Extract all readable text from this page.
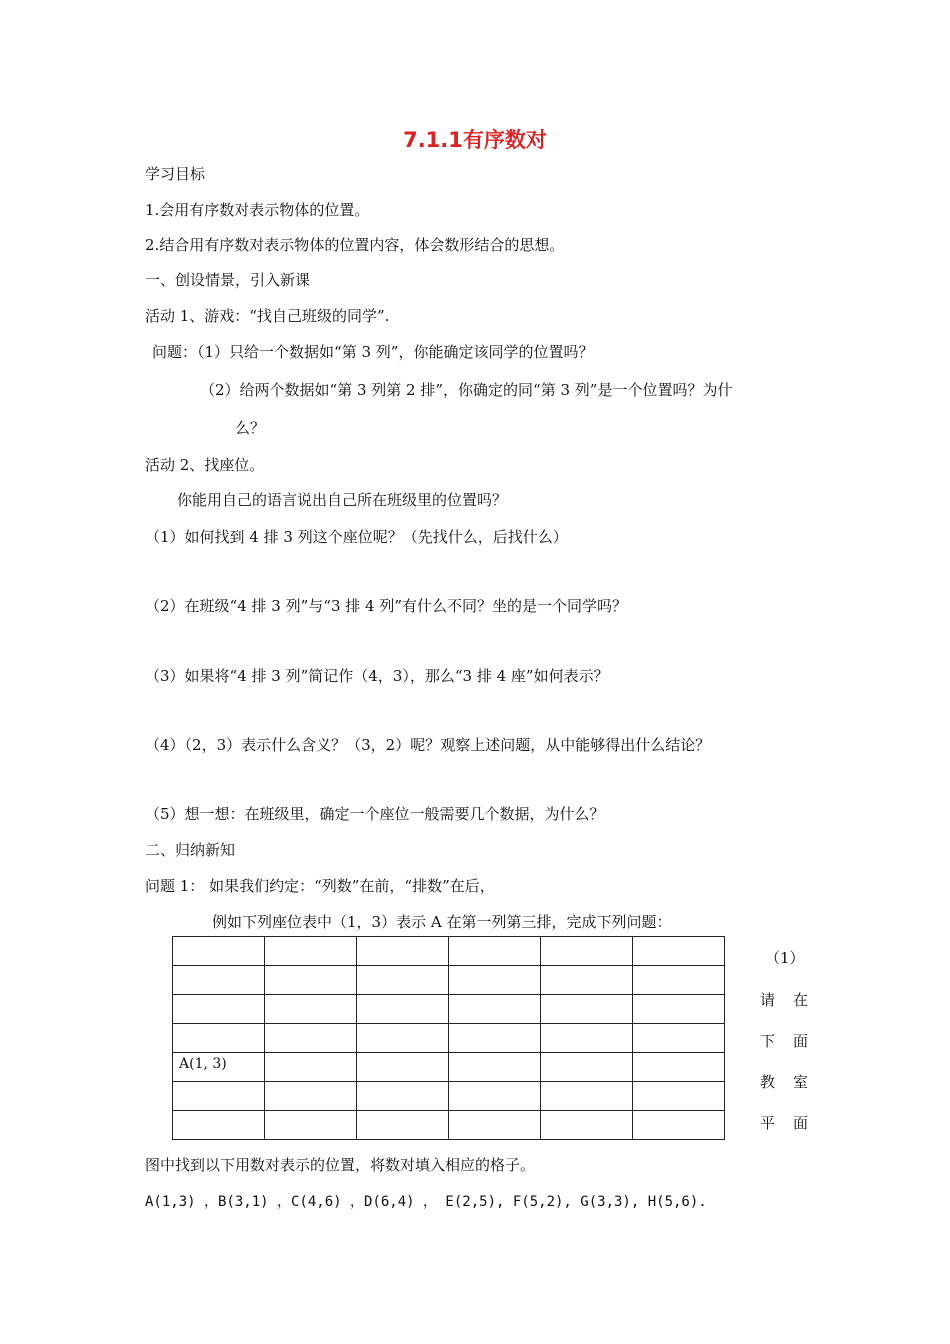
7.1.1有序数对
学习目标
1.会用有序数对表示物体的位置。
2.结合用有序数对表示物体的位置内容，体会数形结合的思想。
一、创设情景，引入新课
活动 1、游戏：“找自己班级的同学”.
问题：（1）只给一个数据如“第 3 列”，你能确定该同学的位置吗？
（2）给两个数据如“第 3 列第 2 排”，你确定的同“第 3 列”是一个位置吗？为什
么？
活动 2、找座位。
你能用自己的语言说出自己所在班级里的位置吗？
（1）如何找到 4 排 3 列这个座位呢？（先找什么，后找什么）
（2）在班级“4 排 3 列”与“3 排 4 列”有什么不同？坐的是一个同学吗？
（3）如果将“4 排 3 列”简记作（4，3），那么“3 排 4 座”如何表示？
（4）（2，3）表示什么含义？（3，2）呢？观察上述问题，从中能够得出什么结论？
（5）想一想：在班级里，确定一个座位一般需要几个数据，为什么？
二、归纳新知
问题 1： 如果我们约定：“列数”在前，“排数”在后，
例如下列座位表中（1，3）表示 A 在第一列第三排，完成下列问题：

A(1, 3)					

（1）
请 在
下 面
教 室
平 面
图中找到以下用数对表示的位置，将数对填入相应的格子。
A(1,3) ，B(3,1) ，C(4,6) ，D(6,4) ， E(2,5), F(5,2), G(3,3), H(5,6).
